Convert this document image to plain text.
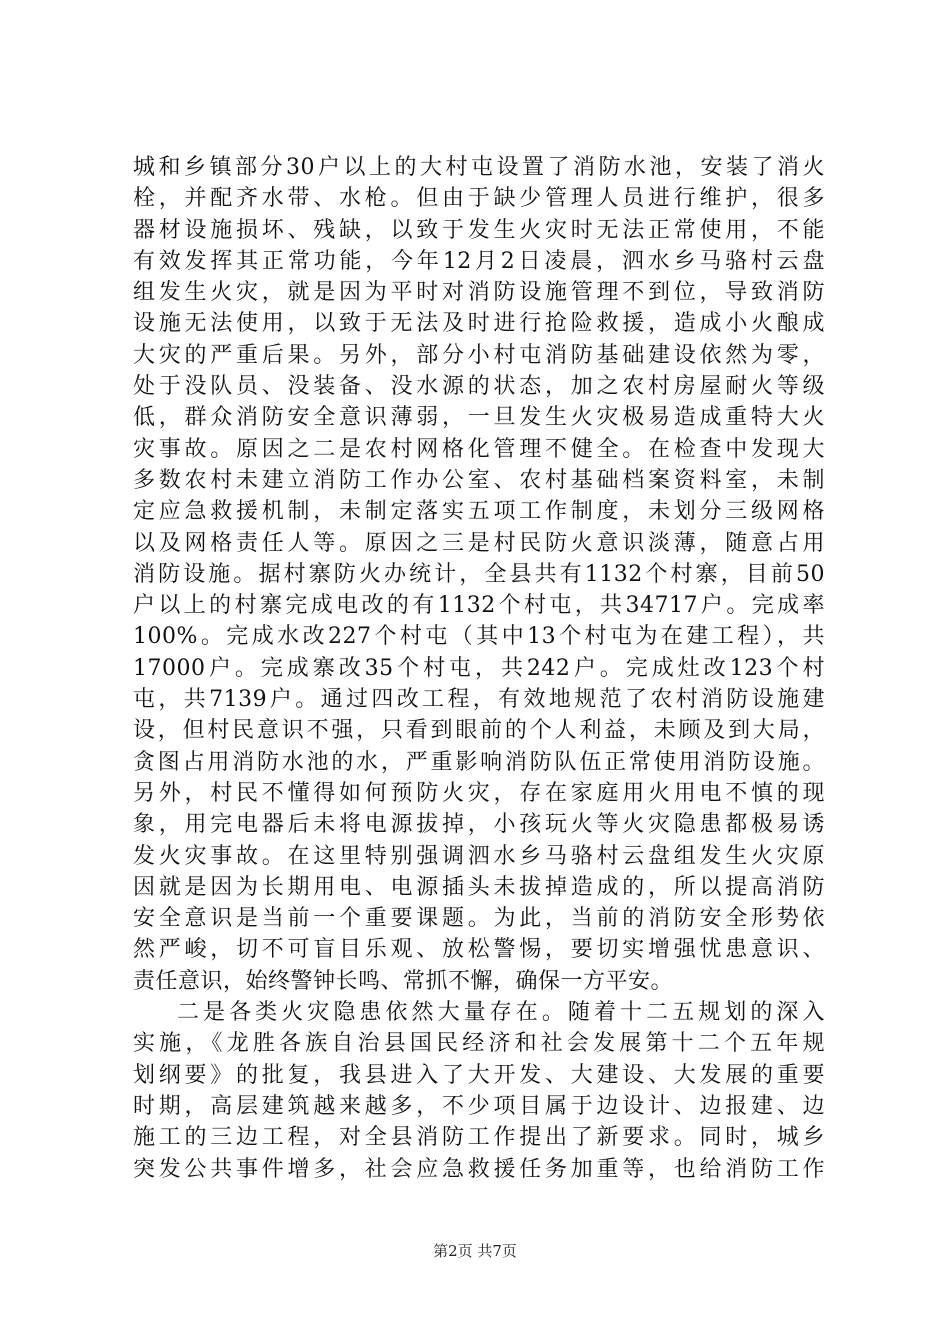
城和乡镇部分30户以上的大村屯设置了消防水池，安装了消火
栓，并配齐水带、水枪。但由于缺少管理人员进行维护，很多
器材设施损坏、残缺，以致于发生火灾时无法正常使用，不能
有效发挥其正常功能，今年12月2日凌晨，泗水乡马骆村云盘
组发生火灾，就是因为平时对消防设施管理不到位，导致消防
设施无法使用，以致于无法及时进行抢险救援，造成小火酿成
大灾的严重后果。另外，部分小村屯消防基础建设依然为零，
处于没队员、没装备、没水源的状态，加之农村房屋耐火等级
低，群众消防安全意识薄弱，一旦发生火灾极易造成重特大火
灾事故。原因之二是农村网格化管理不健全。在检查中发现大
多数农村未建立消防工作办公室、农村基础档案资料室，未制
定应急救援机制，未制定落实五项工作制度，未划分三级网格
以及网格责任人等。原因之三是村民防火意识淡薄，随意占用
消防设施。据村寨防火办统计，全县共有1132个村寨，目前50
户以上的村寨完成电改的有1132个村屯，共34717户。完成率
100%。完成水改227个村屯（其中13个村屯为在建工程），共
17000户。完成寨改35个村屯，共242户。完成灶改123个村
屯，共7139户。通过四改工程，有效地规范了农村消防设施建
设，但村民意识不强，只看到眼前的个人利益，未顾及到大局，
贪图占用消防水池的水，严重影响消防队伍正常使用消防设施。
另外，村民不懂得如何预防火灾，存在家庭用火用电不慎的现
象，用完电器后未将电源拔掉，小孩玩火等火灾隐患都极易诱
发火灾事故。在这里特别强调泗水乡马骆村云盘组发生火灾原
因就是因为长期用电、电源插头未拔掉造成的，所以提高消防
安全意识是当前一个重要课题。为此，当前的消防安全形势依
然严峻，切不可盲目乐观、放松警惕，要切实增强忧患意识、
责任意识，始终警钟长鸣、常抓不懈，确保一方平安。
二是各类火灾隐患依然大量存在。随着十二五规划的深入
实施，《龙胜各族自治县国民经济和社会发展第十二个五年规
划纲要》的批复，我县进入了大开发、大建设、大发展的重要
时期，高层建筑越来越多，不少项目属于边设计、边报建、边
施工的三边工程，对全县消防工作提出了新要求。同时，城乡
突发公共事件增多，社会应急救援任务加重等，也给消防工作
第2页 共7页
